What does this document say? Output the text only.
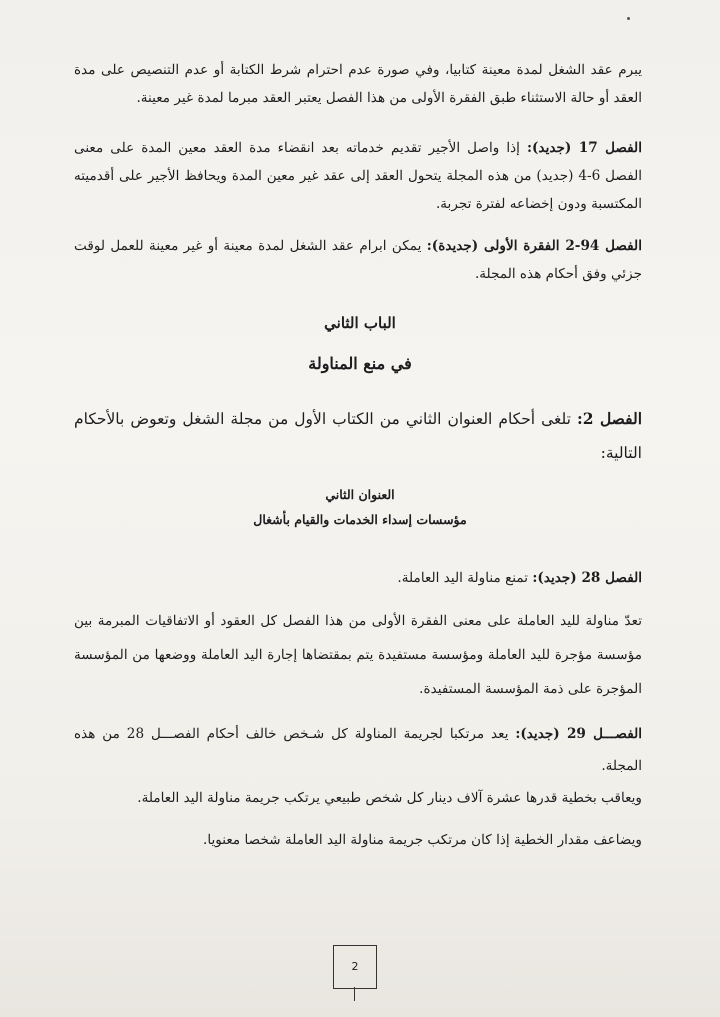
يبرم عقد الشغل لمدة معينة كتابيا، وفي صورة عدم احترام شرط الكتابة أو عدم التنصيص على مدة العقد أو حالة الاستثناء طبق الفقرة الأولى من هذا الفصل يعتبر العقد مبرما لمدة غير معينة.

الفصل 17 (جديد): إذا واصل الأجير تقديم خدماته بعد انقضاء مدة العقد معين المدة على معنى الفصل 6-4 (جديد) من هذه المجلة يتحول العقد إلى عقد غير معين المدة ويحافظ الأجير على أقدميته المكتسبة ودون إخضاعه لفترة تجربة.

الفصل 94-2 الفقرة الأولى (جديدة): يمكن ابرام عقد الشغل لمدة معينة أو غير معينة للعمل لوقت جزئي وفق أحكام هذه المجلة.

الباب الثاني
في منع المناولة

الفصل 2: تلغى أحكام العنوان الثاني من الكتاب الأول من مجلة الشغل وتعوض بالأحكام التالية:

العنوان الثاني
مؤسسات إسداء الخدمات والقيام بأشغال

الفصل 28 (جديد): تمنع مناولة اليد العاملة.

تعدّ مناولة لليد العاملة على معنى الفقرة الأولى من هذا الفصل كل العقود أو الاتفاقيات المبرمة بين مؤسسة مؤجرة لليد العاملة ومؤسسة مستفيدة يتم بمقتضاها إجارة اليد العاملة ووضعها من المؤسسة المؤجرة على ذمة المؤسسة المستفيدة.

الفصـــل 29 (جديد): يعد مرتكبا لجريمة المناولة كل شـخص خالف أحكام الفصـــل 28 من هذه المجلة.

ويعاقب بخطية قدرها عشرة آلاف دينار كل شخص طبيعي يرتكب جريمة مناولة اليد العاملة.

ويضاعف مقدار الخطية إذا كان مرتكب جريمة مناولة اليد العاملة شخصا معنويا.

2
